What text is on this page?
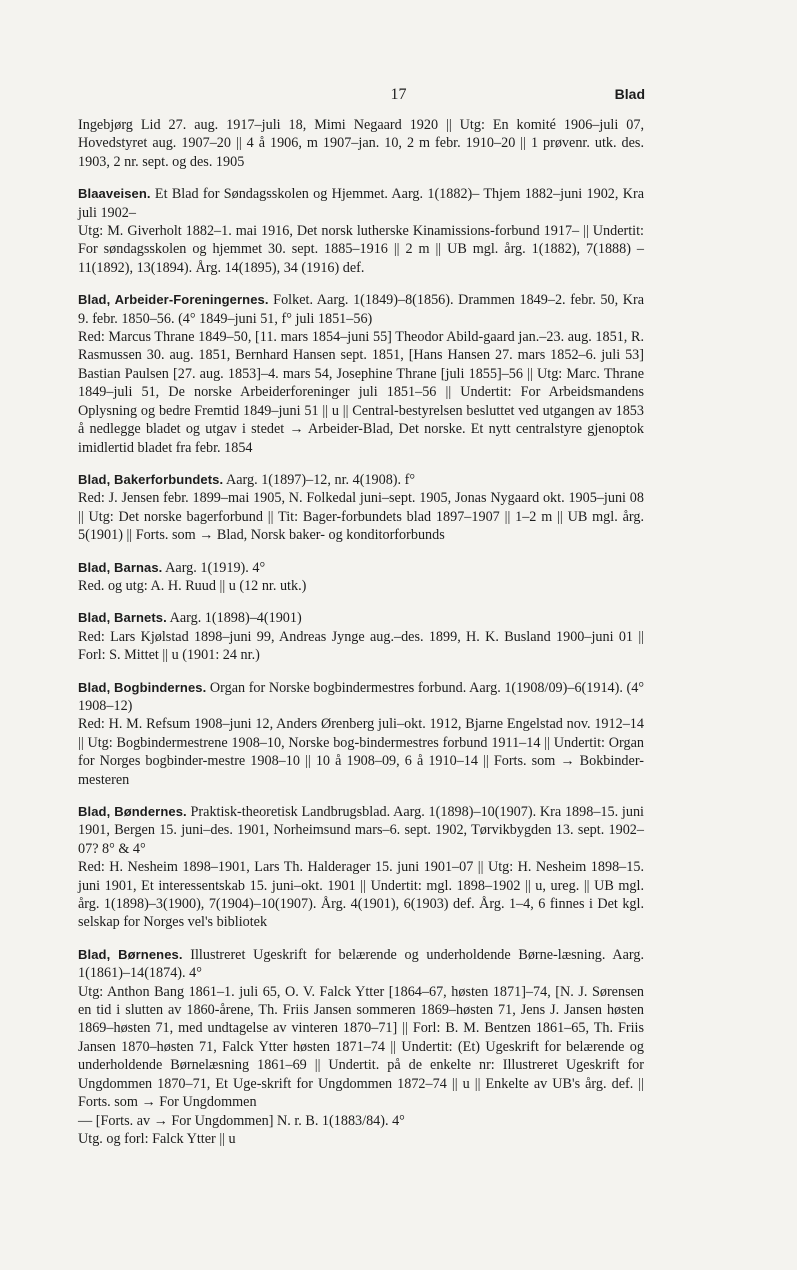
17	Blad

Ingebjørg Lid 27. aug. 1917–juli 18, Mimi Negaard 1920 || Utg: En komité 1906–juli 07, Hovedstyret aug. 1907–20 || 4 å 1906, m 1907–jan. 10, 2 m febr. 1910–20 || 1 prøvenr. utk. des. 1903, 2 nr. sept. og des. 1905

Blaaveisen. Et Blad for Søndagsskolen og Hjemmet. Aarg. 1(1882)– Thjem 1882–juni 1902, Kra juli 1902–

Utg: M. Giverholt 1882–1. mai 1916, Det norsk lutherske Kinamissions-forbund 1917– || Undertit: For søndagsskolen og hjemmet 30. sept. 1885–1916 || 2 m || UB mgl. årg. 1(1882), 7(1888) – 11(1892), 13(1894). Årg. 14(1895), 34 (1916) def.

Blad, Arbeider-Foreningernes. Folket. Aarg. 1(1849)–8(1856). Drammen 1849–2. febr. 50, Kra 9. febr. 1850–56. (4° 1849–juni 51, f° juli 1851–56)

Red: Marcus Thrane 1849–50, [11. mars 1854–juni 55] Theodor Abild-gaard jan.–23. aug. 1851, R. Rasmussen 30. aug. 1851, Bernhard Hansen sept. 1851, [Hans Hansen 27. mars 1852–6. juli 53] Bastian Paulsen [27. aug. 1853]–4. mars 54, Josephine Thrane [juli 1855]–56 || Utg: Marc. Thrane 1849–juli 51, De norske Arbeiderforeninger juli 1851–56 || Undertit: For Arbeidsmandens Oplysning og bedre Fremtid 1849–juni 51 || u || Central-bestyrelsen besluttet ved utgangen av 1853 å nedlegge bladet og utgav i stedet → Arbeider-Blad, Det norske. Et nytt centralstyre gjenoptok imidlertid bladet fra febr. 1854

Blad, Bakerforbundets. Aarg. 1(1897)–12, nr. 4(1908). f°

Red: J. Jensen febr. 1899–mai 1905, N. Folkedal juni–sept. 1905, Jonas Nygaard okt. 1905–juni 08 || Utg: Det norske bagerforbund || Tit: Bager-forbundets blad 1897–1907 || 1–2 m || UB mgl. årg. 5(1901) || Forts. som → Blad, Norsk baker- og konditorforbunds

Blad, Barnas. Aarg. 1(1919). 4°

Red. og utg: A. H. Ruud || u (12 nr. utk.)

Blad, Barnets. Aarg. 1(1898)–4(1901)

Red: Lars Kjølstad 1898–juni 99, Andreas Jynge aug.–des. 1899, H. K. Busland 1900–juni 01 || Forl: S. Mittet || u (1901: 24 nr.)

Blad, Bogbindernes. Organ for Norske bogbindermestres forbund. Aarg. 1(1908/09)–6(1914). (4° 1908–12)

Red: H. M. Refsum 1908–juni 12, Anders Ørenberg juli–okt. 1912, Bjarne Engelstad nov. 1912–14 || Utg: Bogbindermestrene 1908–10, Norske bog-bindermestres forbund 1911–14 || Undertit: Organ for Norges bogbinder-mestre 1908–10 || 10 å 1908–09, 6 å 1910–14 || Forts. som → Bokbinder-mesteren

Blad, Bøndernes. Praktisk-theoretisk Landbrugsblad. Aarg. 1(1898)–10(1907). Kra 1898–15. juni 1901, Bergen 15. juni–des. 1901, Norheimsund mars–6. sept. 1902, Tørvikbygden 13. sept. 1902–07? 8° & 4°

Red: H. Nesheim 1898–1901, Lars Th. Halderager 15. juni 1901–07 || Utg: H. Nesheim 1898–15. juni 1901, Et interessentskab 15. juni–okt. 1901 || Undertit: mgl. 1898–1902 || u, ureg. || UB mgl. årg. 1(1898)–3(1900), 7(1904)–10(1907). Årg. 4(1901), 6(1903) def. Årg. 1–4, 6 finnes i Det kgl. selskap for Norges vel's bibliotek

Blad, Børnenes. Illustreret Ugeskrift for belærende og underholdende Børne-læsning. Aarg. 1(1861)–14(1874). 4°

Utg: Anthon Bang 1861–1. juli 65, O. V. Falck Ytter [1864–67, høsten 1871]–74, [N. J. Sørensen en tid i slutten av 1860-årene, Th. Friis Jansen sommeren 1869–høsten 71, Jens J. Jansen høsten 1869–høsten 71, med undtagelse av vinteren 1870–71] || Forl: B. M. Bentzen 1861–65, Th. Friis Jansen 1870–høsten 71, Falck Ytter høsten 1871–74 || Undertit: (Et) Ugeskrift for belærende og underholdende Børnelæsning 1861–69 || Undertit. på de enkelte nr: Illustreret Ugeskrift for Ungdommen 1870–71, Et Uge-skrift for Ungdommen 1872–74 || u || Enkelte av UB's årg. def. || Forts. som → For Ungdommen

— [Forts. av → For Ungdommen] N. r. B. 1(1883/84). 4°

Utg. og forl: Falck Ytter || u
